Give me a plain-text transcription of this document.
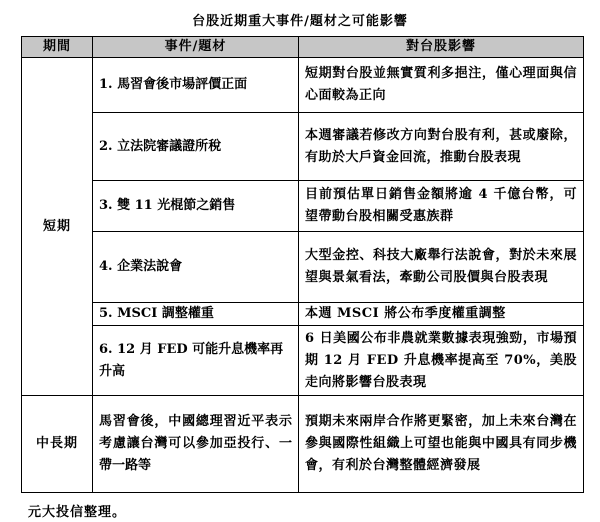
台股近期重大事件/題材之可能影響
期間	事件/題材	對台股影響
短期	1. 馬習會後市場評價正面	短期對台股並無實質利多挹注，僅心理面與信心面較為正向
	2. 立法院審議證所稅	本週審議若修改方向對台股有利，甚或廢除，有助於大戶資金回流，推動台股表現
	3. 雙 11 光棍節之銷售	目前預估單日銷售金額將逾 4 千億台幣，可望帶動台股相關受惠族群
	4. 企業法說會	大型金控、科技大廠舉行法說會，對於未來展望與景氣看法，牽動公司股價與台股表現
	5. MSCI 調整權重	本週 MSCI 將公布季度權重調整
	6. 12 月 FED 可能升息機率再升高	6 日美國公布非農就業數據表現強勁，市場預期 12 月 FED 升息機率提高至 70%，美股走向將影響台股表現
中長期	馬習會後，中國總理習近平表示考慮讓台灣可以參加亞投行、一帶一路等	預期未來兩岸合作將更緊密，加上未來台灣在參與國際性組織上可望也能與中國具有同步機會，有利於台灣整體經濟發展
元大投信整理。
